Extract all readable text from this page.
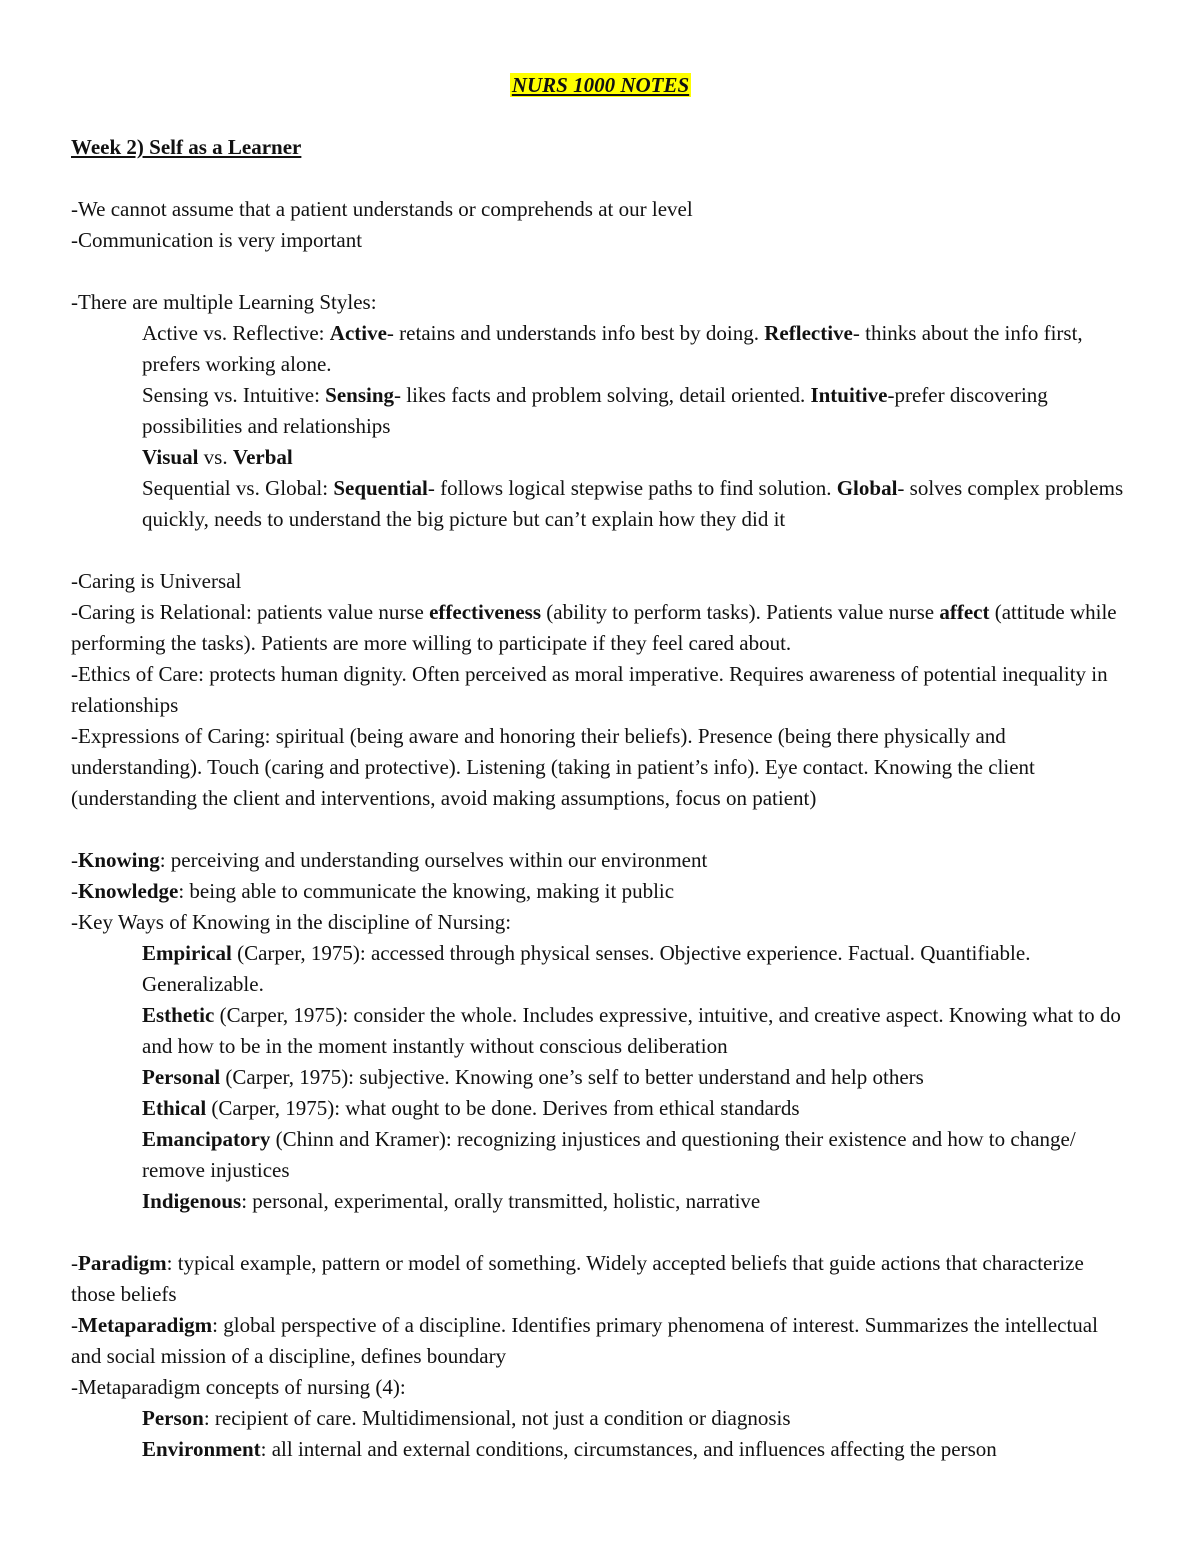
NURS 1000 NOTES
Week 2) Self as a Learner
-We cannot assume that a patient understands or comprehends at our level
-Communication is very important
-There are multiple Learning Styles:
Active vs. Reflective: Active- retains and understands info best by doing. Reflective- thinks about the info first, prefers working alone.
Sensing vs. Intuitive: Sensing- likes facts and problem solving, detail oriented. Intuitive-prefer discovering possibilities and relationships
Visual vs. Verbal
Sequential vs. Global: Sequential- follows logical stepwise paths to find solution. Global- solves complex problems quickly, needs to understand the big picture but can’t explain how they did it
-Caring is Universal
-Caring is Relational: patients value nurse effectiveness (ability to perform tasks). Patients value nurse affect (attitude while performing the tasks). Patients are more willing to participate if they feel cared about.
-Ethics of Care: protects human dignity. Often perceived as moral imperative. Requires awareness of potential inequality in relationships
-Expressions of Caring: spiritual (being aware and honoring their beliefs). Presence (being there physically and understanding). Touch (caring and protective). Listening (taking in patient’s info). Eye contact. Knowing the client (understanding the client and interventions, avoid making assumptions, focus on patient)
-Knowing: perceiving and understanding ourselves within our environment
-Knowledge: being able to communicate the knowing, making it public
-Key Ways of Knowing in the discipline of Nursing:
Empirical (Carper, 1975): accessed through physical senses. Objective experience. Factual. Quantifiable. Generalizable.
Esthetic (Carper, 1975): consider the whole. Includes expressive, intuitive, and creative aspect. Knowing what to do and how to be in the moment instantly without conscious deliberation
Personal (Carper, 1975): subjective. Knowing one’s self to better understand and help others
Ethical (Carper, 1975): what ought to be done. Derives from ethical standards
Emancipatory (Chinn and Kramer): recognizing injustices and questioning their existence and how to change/ remove injustices
Indigenous: personal, experimental, orally transmitted, holistic, narrative
-Paradigm: typical example, pattern or model of something. Widely accepted beliefs that guide actions that characterize those beliefs
-Metaparadigm: global perspective of a discipline. Identifies primary phenomena of interest. Summarizes the intellectual and social mission of a discipline, defines boundary
-Metaparadigm concepts of nursing (4):
Person: recipient of care. Multidimensional, not just a condition or diagnosis
Environment: all internal and external conditions, circumstances, and influences affecting the person
